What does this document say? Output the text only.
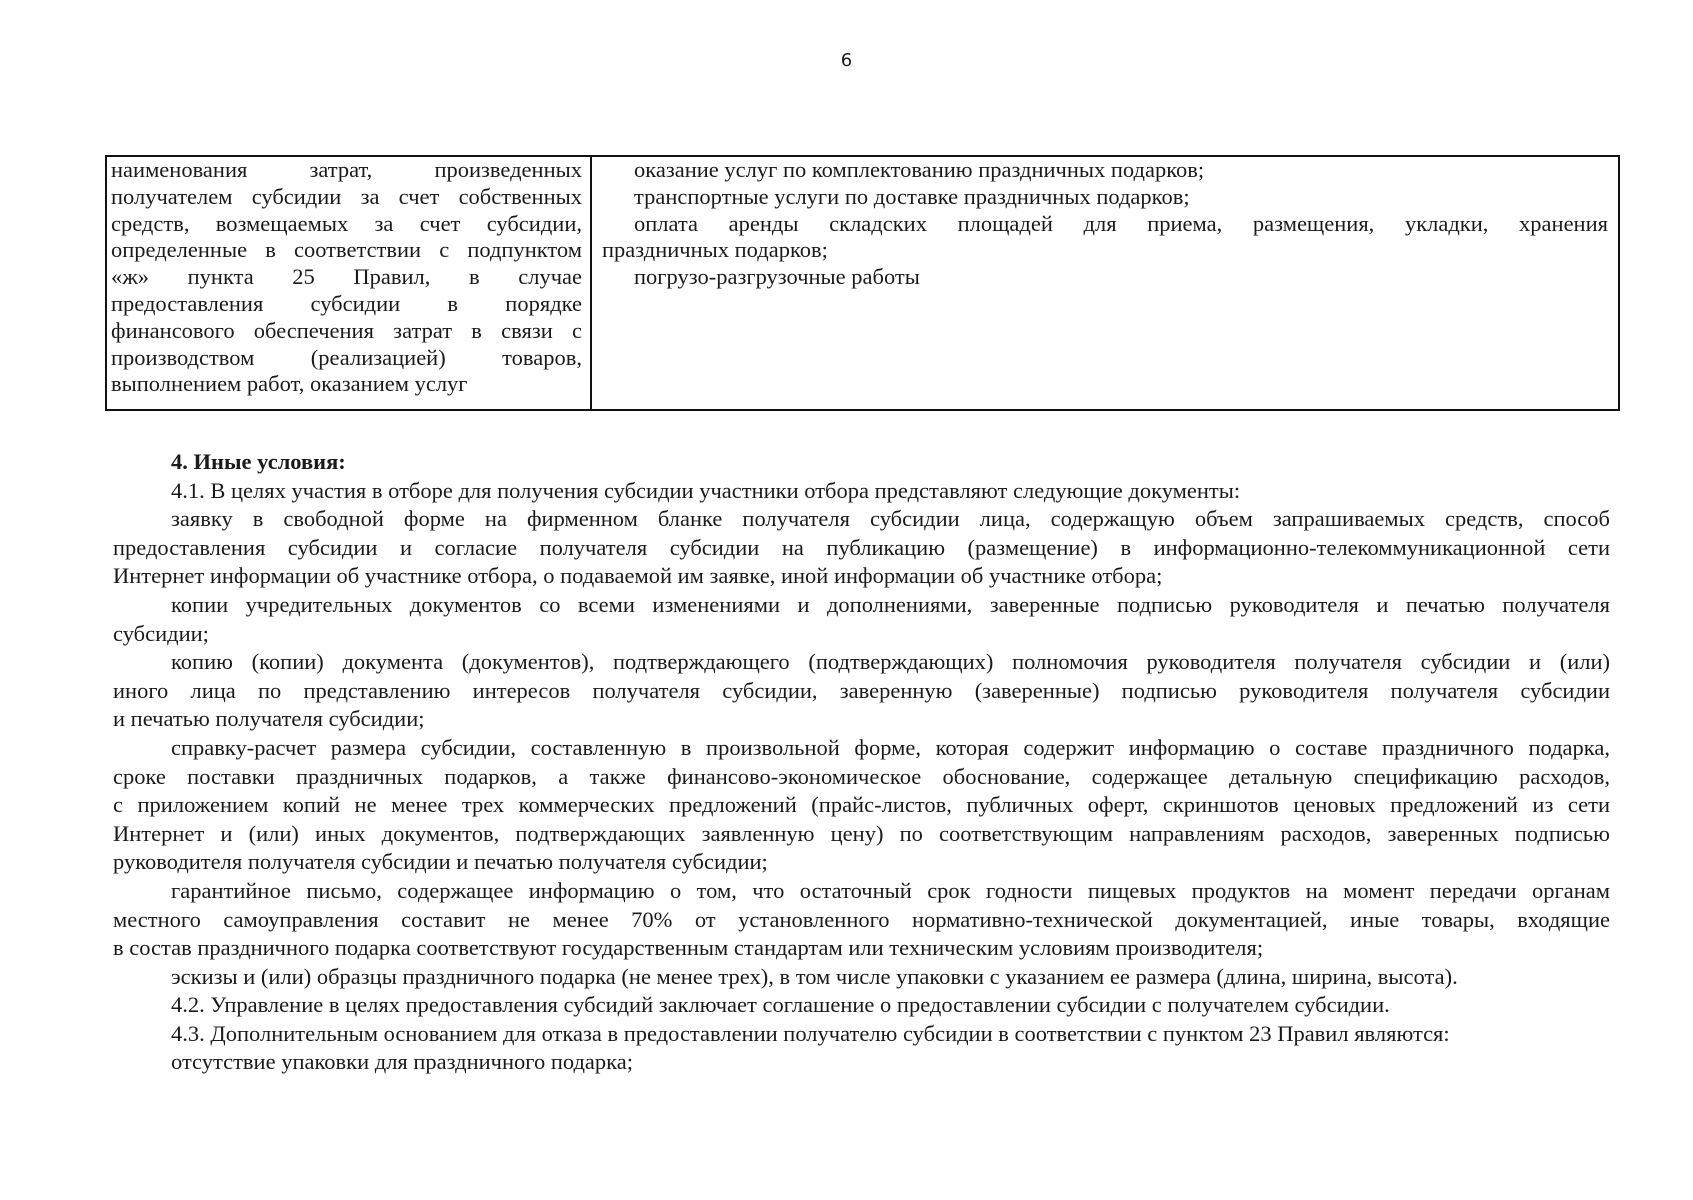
6
наименования затрат, произведенных
получателем субсидии за счет собственных
средств, возмещаемых за счет субсидии,
определенные в соответствии с подпунктом
«ж» пункта 25 Правил, в случае
предоставления субсидии в порядке
финансового обеспечения затрат в связи с
производством (реализацией) товаров,
выполнением работ, оказанием услуг
оказание услуг по комплектованию праздничных подарков;
транспортные услуги по доставке праздничных подарков;
оплата аренды складских площадей для приема, размещения, укладки, хранения
праздничных подарков;
погрузо-разгрузочные работы
4. Иные условия:
4.1. В целях участия в отборе для получения субсидии участники отбора представляют следующие документы:
заявку в свободной форме на фирменном бланке получателя субсидии лица, содержащую объем запрашиваемых средств, способ
предоставления субсидии и согласие получателя субсидии на публикацию (размещение) в информационно-телекоммуникационной сети
Интернет информации об участнике отбора, о подаваемой им заявке, иной информации об участнике отбора;
копии учредительных документов со всеми изменениями и дополнениями, заверенные подписью руководителя и печатью получателя
субсидии;
копию (копии) документа (документов), подтверждающего (подтверждающих) полномочия руководителя получателя субсидии и (или)
иного лица по представлению интересов получателя субсидии, заверенную (заверенные) подписью руководителя получателя субсидии
и печатью получателя субсидии;
справку-расчет размера субсидии, составленную в произвольной форме, которая содержит информацию о составе праздничного подарка,
сроке поставки праздничных подарков, а также финансово-экономическое обоснование, содержащее детальную спецификацию расходов,
с приложением копий не менее трех коммерческих предложений (прайс-листов, публичных оферт, скриншотов ценовых предложений из сети
Интернет и (или) иных документов, подтверждающих заявленную цену) по соответствующим направлениям расходов, заверенных подписью
руководителя получателя субсидии и печатью получателя субсидии;
гарантийное письмо, содержащее информацию о том, что остаточный срок годности пищевых продуктов на момент передачи органам
местного самоуправления составит не менее 70% от установленного нормативно-технической документацией, иные товары, входящие
в состав праздничного подарка соответствуют государственным стандартам или техническим условиям производителя;
эскизы и (или) образцы праздничного подарка (не менее трех), в том числе упаковки с указанием ее размера (длина, ширина, высота).
4.2. Управление в целях предоставления субсидий заключает соглашение о предоставлении субсидии с получателем субсидии.
4.3. Дополнительным основанием для отказа в предоставлении получателю субсидии в соответствии с пунктом 23 Правил являются:
отсутствие упаковки для праздничного подарка;
